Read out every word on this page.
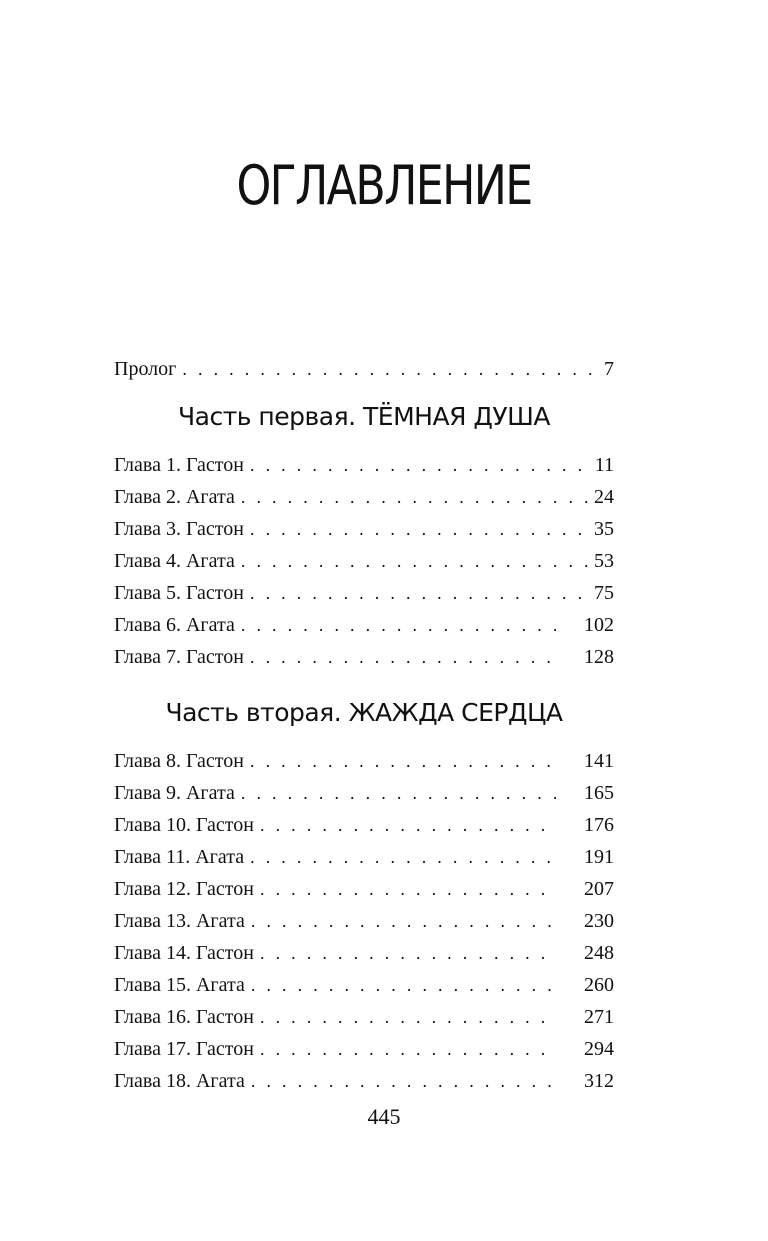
ОГЛАВЛЕНИЕ
Пролог . . .	7
Часть первая. ТЁМНАЯ ДУША
Глава 1. Гастон . . .	11
Глава 2. Агата . . .	24
Глава 3. Гастон . . .	35
Глава 4. Агата . . .	53
Глава 5. Гастон . . .	75
Глава 6. Агата . . .	102
Глава 7. Гастон . . .	128
Часть вторая. ЖАЖДА СЕРДЦА
Глава 8. Гастон . . .	141
Глава 9. Агата . . .	165
Глава 10. Гастон . . .	176
Глава 11. Агата . . .	191
Глава 12. Гастон . . .	207
Глава 13. Агата . . .	230
Глава 14. Гастон . . .	248
Глава 15. Агата . . .	260
Глава 16. Гастон . . .	271
Глава 17. Гастон . . .	294
Глава 18. Агата . . .	312
445
